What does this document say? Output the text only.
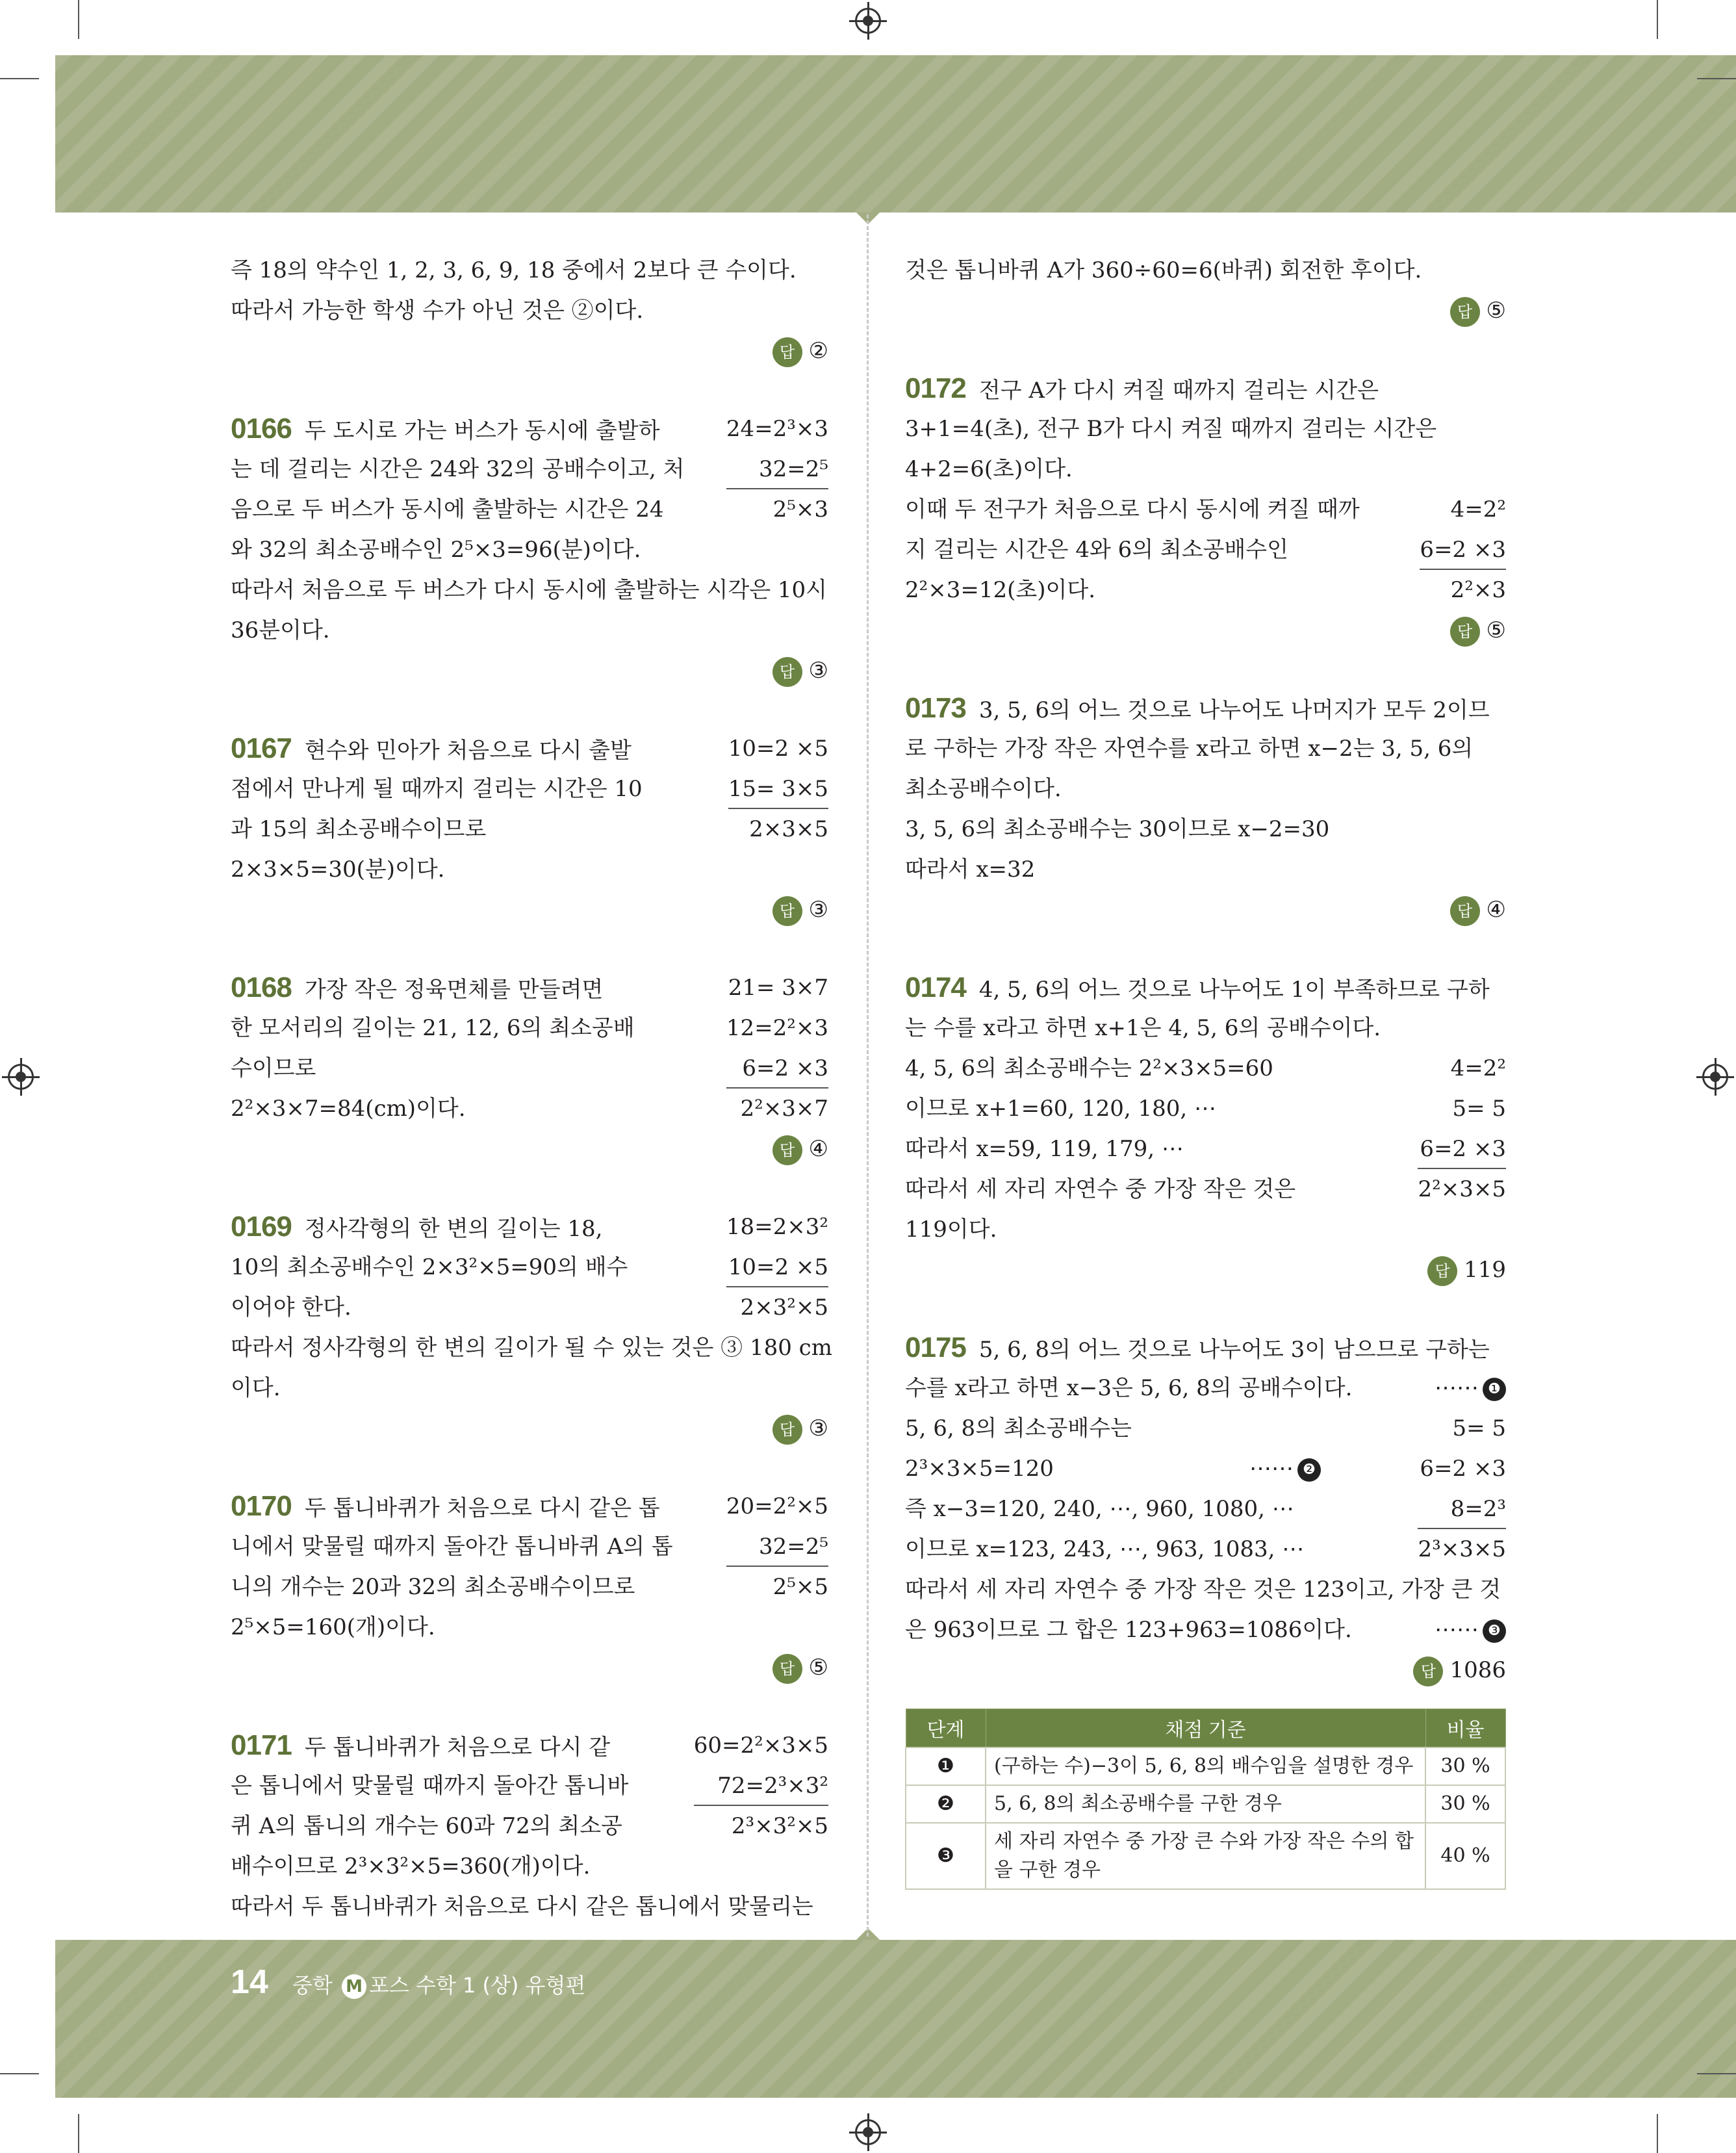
즉 18의 약수인 1, 2, 3, 6, 9, 18 중에서 2보다 큰 수이다.
따라서 가능한 학생 수가 아닌 것은 ②이다.
답 ②
24=2³×3
32=2⁵
2⁵×3
0166 두 도시로 가는 버스가 동시에 출발하
는 데 걸리는 시간은 24와 32의 공배수이고, 처
음으로 두 버스가 동시에 출발하는 시간은 24
와 32의 최소공배수인 2⁵×3=96(분)이다.
따라서 처음으로 두 버스가 다시 동시에 출발하는 시각은 10시
36분이다.
답 ③
10=2 ×5
15= 3×5
2×3×5
0167 현수와 민아가 처음으로 다시 출발
점에서 만나게 될 때까지 걸리는 시간은 10
과 15의 최소공배수이므로
2×3×5=30(분)이다.
답 ③
21= 3×7
12=2²×3
6=2 ×3
2²×3×7
0168 가장 작은 정육면체를 만들려면
한 모서리의 길이는 21, 12, 6의 최소공배
수이므로
2²×3×7=84(cm)이다.
답 ④
18=2×3²
10=2 ×5
2×3²×5
0169 정사각형의 한 변의 길이는 18,
10의 최소공배수인 2×3²×5=90의 배수
이어야 한다.
따라서 정사각형의 한 변의 길이가 될 수 있는 것은 ③ 180 cm
이다.
답 ③
20=2²×5
32=2⁵
2⁵×5
0170 두 톱니바퀴가 처음으로 다시 같은 톱
니에서 맞물릴 때까지 돌아간 톱니바퀴 A의 톱
니의 개수는 20과 32의 최소공배수이므로
2⁵×5=160(개)이다.
답 ⑤
60=2²×3×5
72=2³×3²
2³×3²×5
0171 두 톱니바퀴가 처음으로 다시 같
은 톱니에서 맞물릴 때까지 돌아간 톱니바
퀴 A의 톱니의 개수는 60과 72의 최소공
배수이므로 2³×3²×5=360(개)이다.
따라서 두 톱니바퀴가 처음으로 다시 같은 톱니에서 맞물리는
것은 톱니바퀴 A가 360÷60=6(바퀴) 회전한 후이다.
답 ⑤
0172 전구 A가 다시 켜질 때까지 걸리는 시간은
3+1=4(초), 전구 B가 다시 켜질 때까지 걸리는 시간은
4+2=6(초)이다.
4=2²
6=2 ×3
2²×3
이때 두 전구가 처음으로 다시 동시에 켜질 때까
지 걸리는 시간은 4와 6의 최소공배수인
2²×3=12(초)이다.
답 ⑤
0173 3, 5, 6의 어느 것으로 나누어도 나머지가 모두 2이므
로 구하는 가장 작은 자연수를 x라고 하면 x−2는 3, 5, 6의
최소공배수이다.
3, 5, 6의 최소공배수는 30이므로 x−2=30
따라서 x=32
답 ④
0174 4, 5, 6의 어느 것으로 나누어도 1이 부족하므로 구하
는 수를 x라고 하면 x+1은 4, 5, 6의 공배수이다.
4=2²
5= 5
6=2 ×3
2²×3×5
4, 5, 6의 최소공배수는 2²×3×5=60
이므로 x+1=60, 120, 180, ⋯
따라서 x=59, 119, 179, ⋯
따라서 세 자리 자연수 중 가장 작은 것은
119이다.
답 119
0175 5, 6, 8의 어느 것으로 나누어도 3이 남으므로 구하는
수를 x라고 하면 x−3은 5, 6, 8의 공배수이다.	⋯⋯ ❶
5= 5
6=2 ×3
8=2³
2³×3×5
5, 6, 8의 최소공배수는
2³×3×5=120	⋯⋯ ❷
즉 x−3=120, 240, ⋯, 960, 1080, ⋯
이므로 x=123, 243, ⋯, 963, 1083, ⋯
따라서 세 자리 자연수 중 가장 작은 것은 123이고, 가장 큰 것
은 963이므로 그 합은 123+963=1086이다.	⋯⋯ ❸
답 1086
단계	채점 기준	비율
❶	(구하는 수)−3이 5, 6, 8의 배수임을 설명한 경우	30 %
❷	5, 6, 8의 최소공배수를 구한 경우	30 %
❸	세 자리 자연수 중 가장 큰 수와 가장 작은 수의 합을 구한 경우	40 %
14 중학 M 포스 수학 1 (상) 유형편
